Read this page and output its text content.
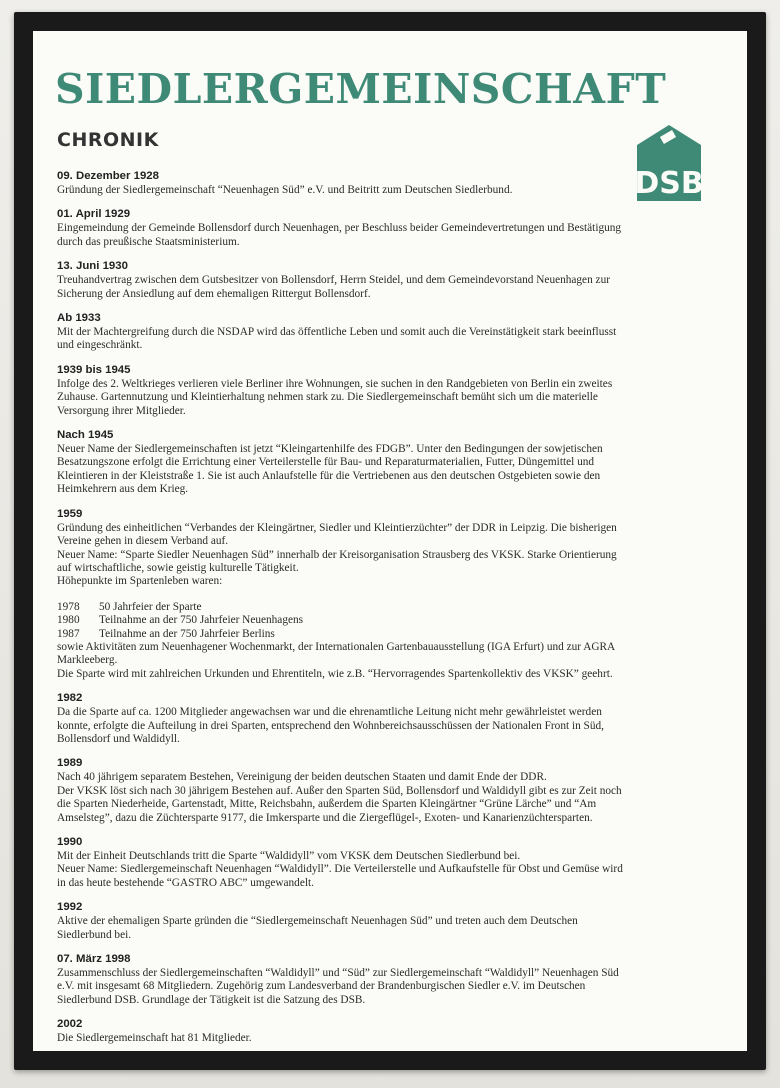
SIEDLERGEMEINSCHAFT
CHRONIK
DSB
09. Dezember 1928
Gründung der Siedlergemeinschaft “Neuenhagen Süd” e.V. und Beitritt zum Deutschen Siedlerbund.
01. April 1929
Eingemeindung der Gemeinde Bollensdorf durch Neuenhagen, per Beschluss beider Gemeindevertretungen und Bestätigung
durch das preußische Staatsministerium.
13. Juni 1930
Treuhandvertrag zwischen dem Gutsbesitzer von Bollensdorf, Herrn Steidel, und dem Gemeindevorstand Neuenhagen zur
Sicherung der Ansiedlung auf dem ehemaligen Rittergut Bollensdorf.
Ab 1933
Mit der Machtergreifung durch die NSDAP wird das öffentliche Leben und somit auch die Vereinstätigkeit stark beeinflusst
und eingeschränkt.
1939 bis 1945
Infolge des 2. Weltkrieges verlieren viele Berliner ihre Wohnungen, sie suchen in den Randgebieten von Berlin ein zweites
Zuhause. Gartennutzung und Kleintierhaltung nehmen stark zu. Die Siedlergemeinschaft bemüht sich um die materielle
Versorgung ihrer Mitglieder.
Nach 1945
Neuer Name der Siedlergemeinschaften ist jetzt “Kleingartenhilfe des FDGB”. Unter den Bedingungen der sowjetischen
Besatzungszone erfolgt die Errichtung einer Verteilerstelle für Bau- und Reparaturmaterialien, Futter, Düngemittel und
Kleintieren in der Kleiststraße 1. Sie ist auch Anlaufstelle für die Vertriebenen aus den deutschen Ostgebieten sowie den
Heimkehrern aus dem Krieg.
1959
Gründung des einheitlichen “Verbandes der Kleingärtner, Siedler und Kleintierzüchter” der DDR in Leipzig. Die bisherigen
Vereine gehen in diesem Verband auf.
Neuer Name: “Sparte Siedler Neuenhagen Süd” innerhalb der Kreisorganisation Strausberg des VKSK. Starke Orientierung
auf wirtschaftliche, sowie geistig kulturelle Tätigkeit.
Höhepunkte im Spartenleben waren:
1978	50 Jahrfeier der Sparte
1980	Teilnahme an der 750 Jahrfeier Neuenhagens
1987	Teilnahme an der 750 Jahrfeier Berlins
sowie Aktivitäten zum Neuenhagener Wochenmarkt, der Internationalen Gartenbauausstellung (IGA Erfurt) und zur AGRA
Markleeberg.
Die Sparte wird mit zahlreichen Urkunden und Ehrentiteln, wie z.B. “Hervorragendes Spartenkollektiv des VKSK” geehrt.
1982
Da die Sparte auf ca. 1200 Mitglieder angewachsen war und die ehrenamtliche Leitung nicht mehr gewährleistet werden
konnte, erfolgte die Aufteilung in drei Sparten, entsprechend den Wohnbereichsausschüssen der Nationalen Front in Süd,
Bollensdorf und Waldidyll.
1989
Nach 40 jährigem separatem Bestehen, Vereinigung der beiden deutschen Staaten und damit Ende der DDR.
Der VKSK löst sich nach 30 jährigem Bestehen auf. Außer den Sparten Süd, Bollensdorf und Waldidyll gibt es zur Zeit noch
die Sparten Niederheide, Gartenstadt, Mitte, Reichsbahn, außerdem die Sparten Kleingärtner “Grüne Lärche” und “Am
Amselsteg”, dazu die Züchtersparte 9177, die Imkersparte und die Ziergeflügel-, Exoten- und Kanarienzüchtersparten.
1990
Mit der Einheit Deutschlands tritt die Sparte “Waldidyll” vom VKSK dem Deutschen Siedlerbund bei.
Neuer Name: Siedlergemeinschaft Neuenhagen “Waldidyll”. Die Verteilerstelle und Aufkaufstelle für Obst und Gemüse wird
in das heute bestehende “GASTRO ABC” umgewandelt.
1992
Aktive der ehemaligen Sparte gründen die “Siedlergemeinschaft Neuenhagen Süd” und treten auch dem Deutschen
Siedlerbund bei.
07. März 1998
Zusammenschluss der Siedlergemeinschaften “Waldidyll” und “Süd” zur Siedlergemeinschaft “Waldidyll” Neuenhagen Süd
e.V. mit insgesamt 68 Mitgliedern. Zugehörig zum Landesverband der Brandenburgischen Siedler e.V. im Deutschen
Siedlerbund DSB. Grundlage der Tätigkeit ist die Satzung des DSB.
2002
Die Siedlergemeinschaft hat 81 Mitglieder.
